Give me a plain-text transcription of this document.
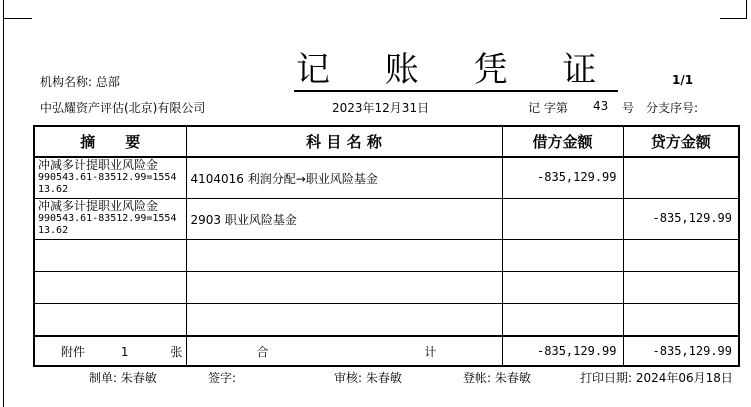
机构名称: 总部	记 账 凭 证	1/1
中弘耀资产评估(北京)有限公司	2023年12月31日	记 字第 43 号 分支序号:
摘　　要	科 目 名 称	借方金额	贷方金额

冲减多计提职业风险金
990543.61-83512.99=1554
13.62	4104016 利润分配→职业风险基金	-835,129.99	

冲减多计提职业风险金
990543.61-83512.99=1554
13.62	2903 职业风险基金		-835,129.99

附件 1 张	合 计	-835,129.99	-835,129.99
制单: 朱春敏	签字:	审核: 朱春敏	登帐: 朱春敏	打印日期: 2024年06月18日
